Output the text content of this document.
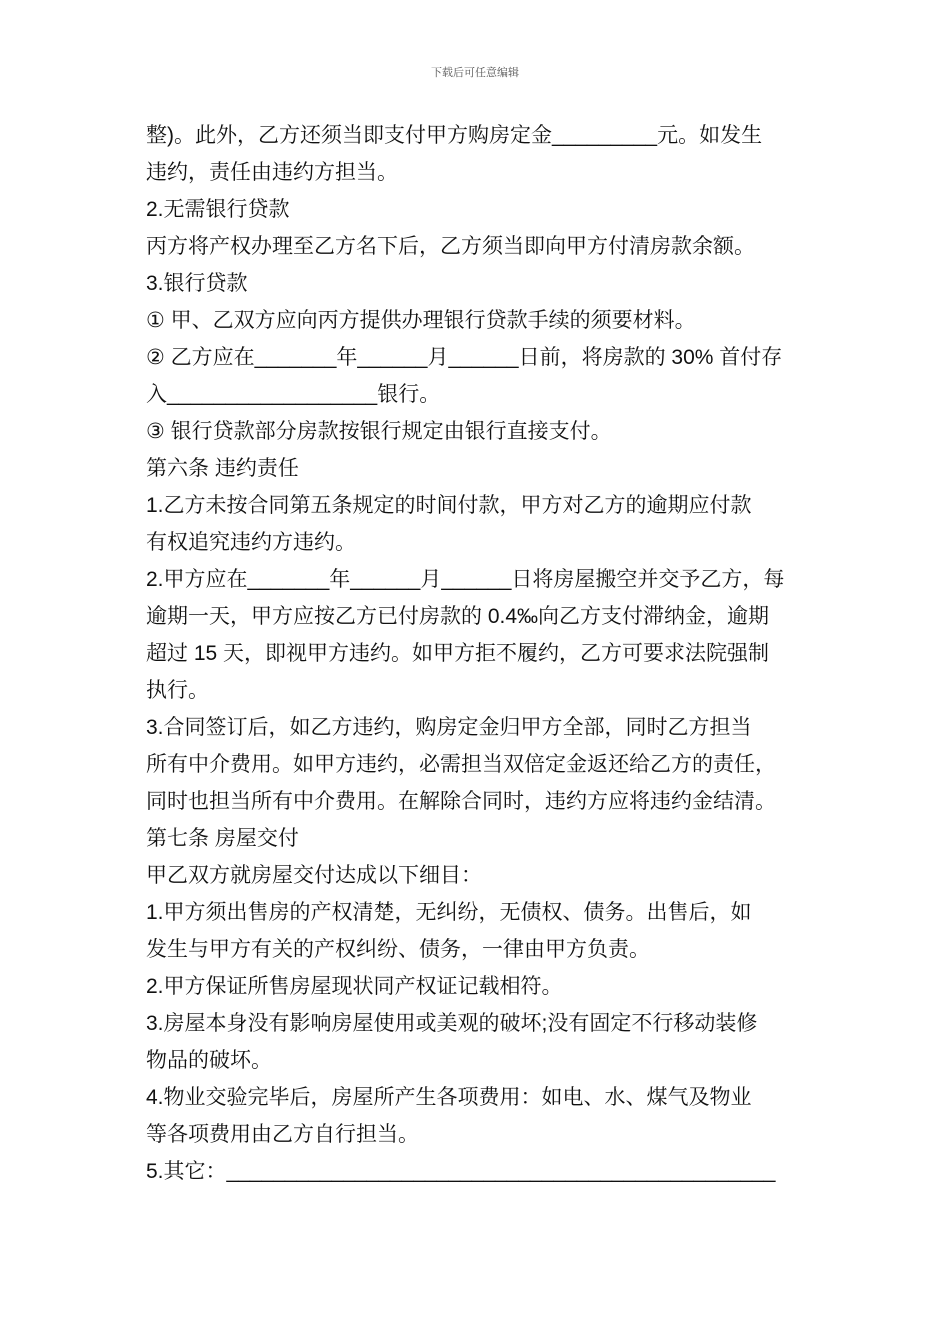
下载后可任意编辑
整)。此外，乙方还须当即支付甲方购房定金_________元。如发生
违约，责任由违约方担当。
2.无需银行贷款
丙方将产权办理至乙方名下后，乙方须当即向甲方付清房款余额。
3.银行贷款
① 甲、乙双方应向丙方提供办理银行贷款手续的须要材料。
② 乙方应在_______年______月______日前，将房款的 30% 首付存
入__________________银行。
③ 银行贷款部分房款按银行规定由银行直接支付。
第六条 违约责任
1.乙方未按合同第五条规定的时间付款，甲方对乙方的逾期应付款
有权追究违约方违约。
2.甲方应在_______年______月______日将房屋搬空并交予乙方，每
逾期一天，甲方应按乙方已付房款的 0.4‰向乙方支付滞纳金，逾期
超过 15 天，即视甲方违约。如甲方拒不履约，乙方可要求法院强制
执行。
3.合同签订后，如乙方违约，购房定金归甲方全部，同时乙方担当
所有中介费用。如甲方违约，必需担当双倍定金返还给乙方的责任，
同时也担当所有中介费用。在解除合同时，违约方应将违约金结清。
第七条 房屋交付
甲乙双方就房屋交付达成以下细目：
1.甲方须出售房的产权清楚，无纠纷，无债权、债务。出售后，如
发生与甲方有关的产权纠纷、债务，一律由甲方负责。
2.甲方保证所售房屋现状同产权证记载相符。
3.房屋本身没有影响房屋使用或美观的破坏;没有固定不行移动装修
物品的破坏。
4.物业交验完毕后，房屋所产生各项费用：如电、水、煤气及物业
等各项费用由乙方自行担当。
5.其它：_______________________________________________
